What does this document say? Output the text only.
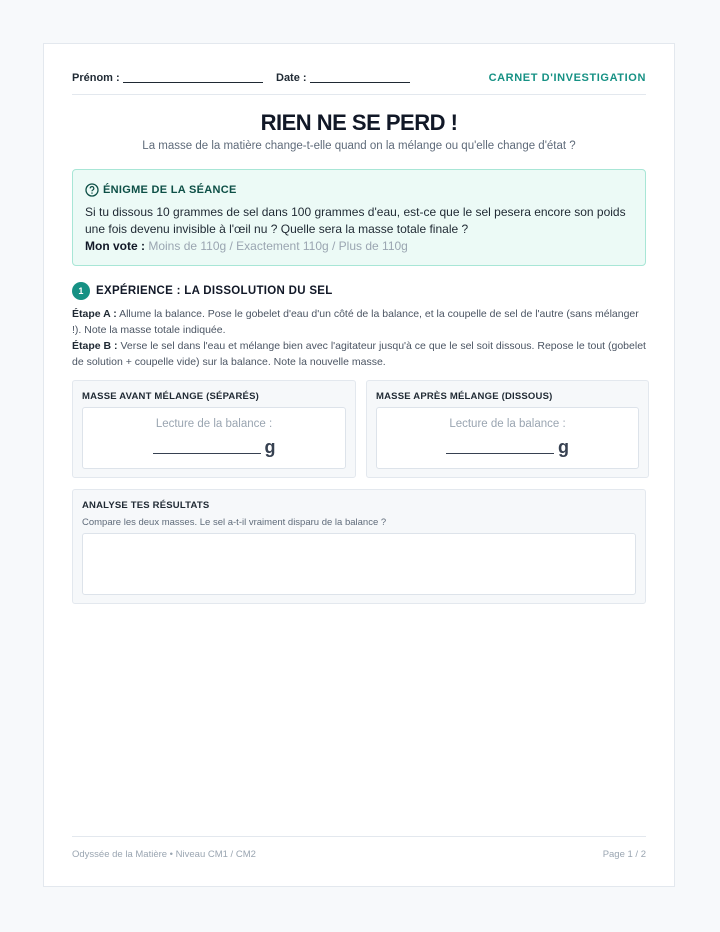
Prénom :	Date :	CARNET D'INVESTIGATION
RIEN NE SE PERD !
La masse de la matière change-t-elle quand on la mélange ou qu'elle change d'état ?
ÉNIGME DE LA SÉANCE
Si tu dissous 10 grammes de sel dans 100 grammes d'eau, est-ce que le sel pesera encore son poids une fois devenu invisible à l'œil nu ? Quelle sera la masse totale finale ?
Mon vote : Moins de 110g / Exactement 110g / Plus de 110g
1 EXPÉRIENCE : LA DISSOLUTION DU SEL
Étape A : Allume la balance. Pose le gobelet d'eau d'un côté de la balance, et la coupelle de sel de l'autre (sans mélanger !). Note la masse totale indiquée.
Étape B : Verse le sel dans l'eau et mélange bien avec l'agitateur jusqu'à ce que le sel soit dissous. Repose le tout (gobelet de solution + coupelle vide) sur la balance. Note la nouvelle masse.
MASSE AVANT MÉLANGE (SÉPARÉS)
Lecture de la balance :
g
MASSE APRÈS MÉLANGE (DISSOUS)
Lecture de la balance :
g
ANALYSE TES RÉSULTATS
Compare les deux masses. Le sel a-t-il vraiment disparu de la balance ?
Odyssée de la Matière • Niveau CM1 / CM2	Page 1 / 2
